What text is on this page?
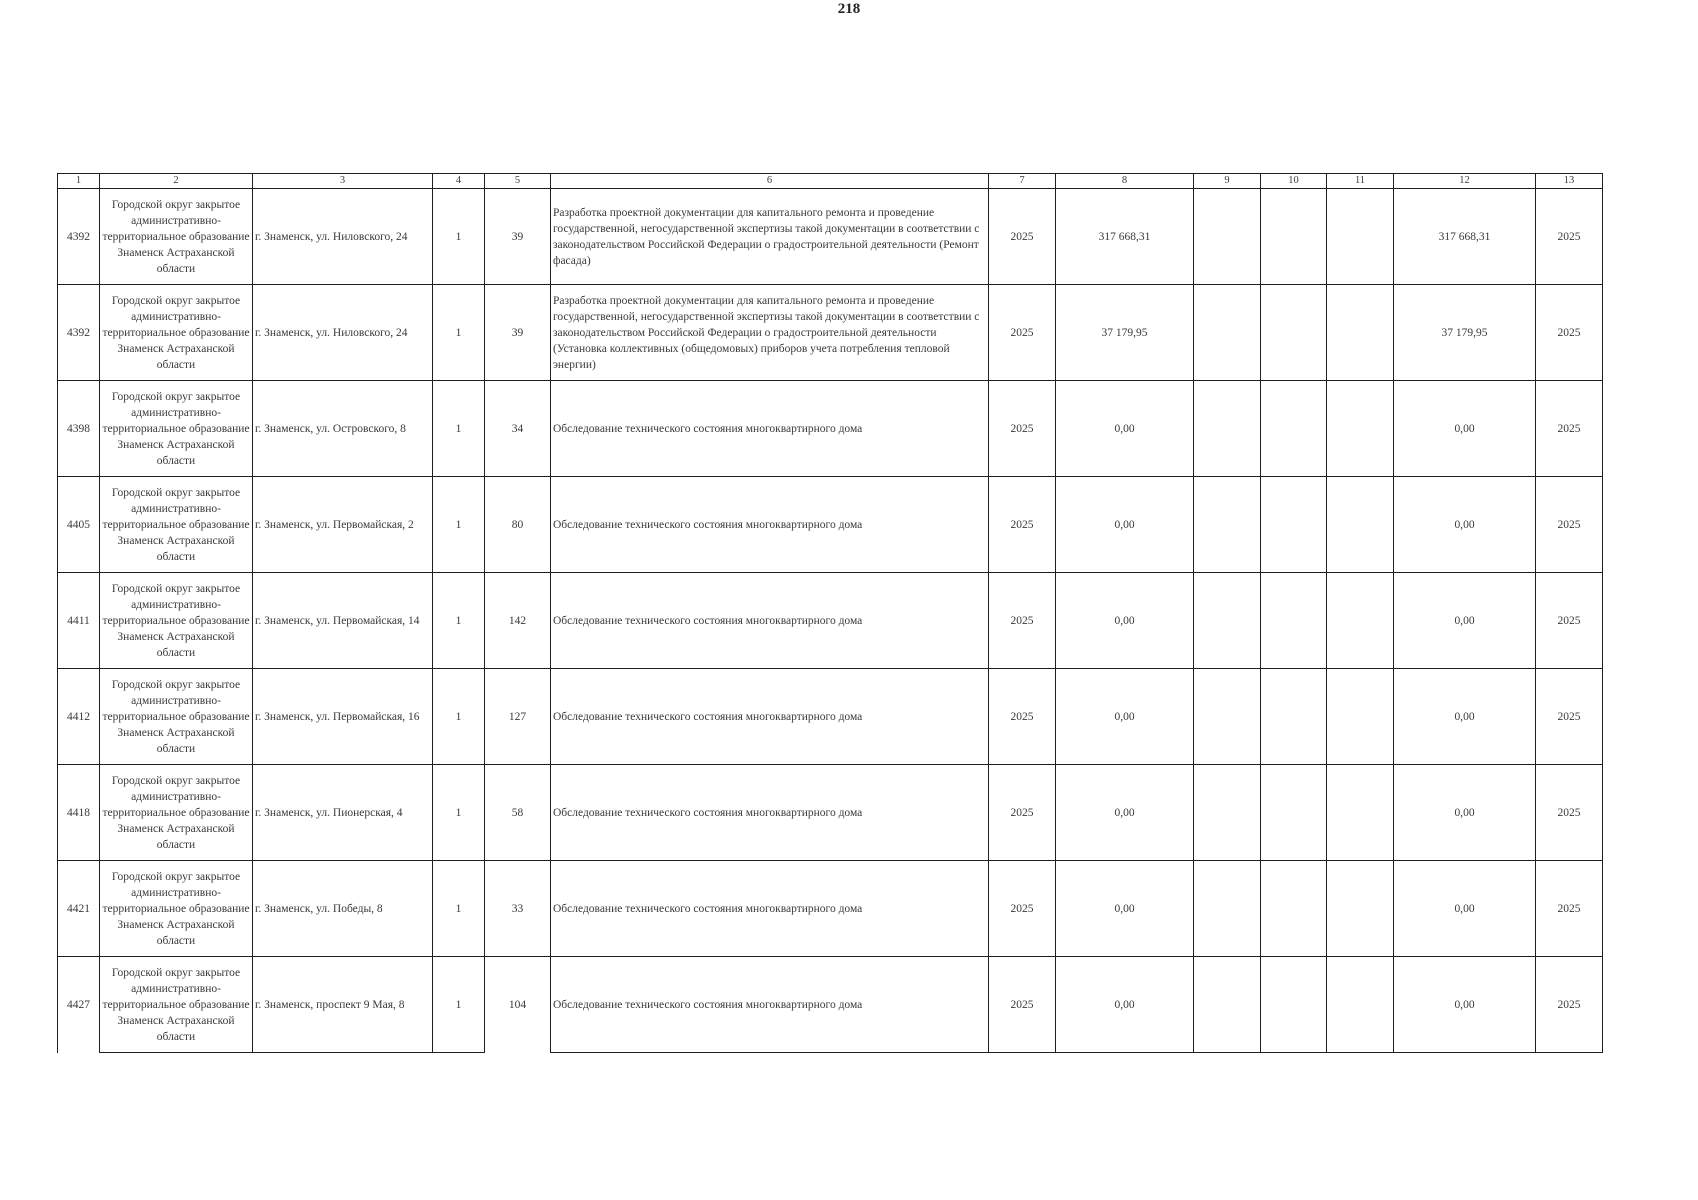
218
1	2	3	4	5	6	7	8	9	10	11	12	13
4392	Городской округ закрытое административно-территориальное образование Знаменск Астраханской области	г. Знаменск, ул. Нилoвского, 24	1	39	Разработка проектной документации для капитального ремонта и проведение государственной, негосударственной экспертизы такой документации в соответствии с законодательством Российской Федерации о градостроительной деятельности (Ремонт фасада)	2025	317 668,31				317 668,31	2025
4392	Городской округ закрытое административно-территориальное образование Знаменск Астраханской области	г. Знаменск, ул. Нилoвского, 24	1	39	Разработка проектной документации для капитального ремонта и проведение государственной, негосударственной экспертизы такой документации в соответствии с законодательством Российской Федерации о градостроительной деятельности (Установка коллективных (общедомовых) приборов учета потребления тепловой энергии)	2025	37 179,95				37 179,95	2025
4398	Городской округ закрытое административно-территориальное образование Знаменск Астраханской области	г. Знаменск, ул. Островского, 8	1	34	Обследование технического состояния многоквартирного дома	2025	0,00				0,00	2025
4405	Городской округ закрытое административно-территориальное образование Знаменск Астраханской области	г. Знаменск, ул. Первомайская, 2	1	80	Обследование технического состояния многоквартирного дома	2025	0,00				0,00	2025
4411	Городской округ закрытое административно-территориальное образование Знаменск Астраханской области	г. Знаменск, ул. Первомайская, 14	1	142	Обследование технического состояния многоквартирного дома	2025	0,00				0,00	2025
4412	Городской округ закрытое административно-территориальное образование Знаменск Астраханской области	г. Знаменск, ул. Первомайская, 16	1	127	Обследование технического состояния многоквартирного дома	2025	0,00				0,00	2025
4418	Городской округ закрытое административно-территориальное образование Знаменск Астраханской области	г. Знаменск, ул. Пионерская, 4	1	58	Обследование технического состояния многоквартирного дома	2025	0,00				0,00	2025
4421	Городской округ закрытое административно-территориальное образование Знаменск Астраханской области	г. Знаменск, ул. Победы, 8	1	33	Обследование технического состояния многоквартирного дома	2025	0,00				0,00	2025
4427	Городской округ закрытое административно-территориальное образование Знаменск Астраханской области	г. Знаменск, проспект 9 Мая, 8	1	104	Обследование технического состояния многоквартирного дома	2025	0,00				0,00	2025
